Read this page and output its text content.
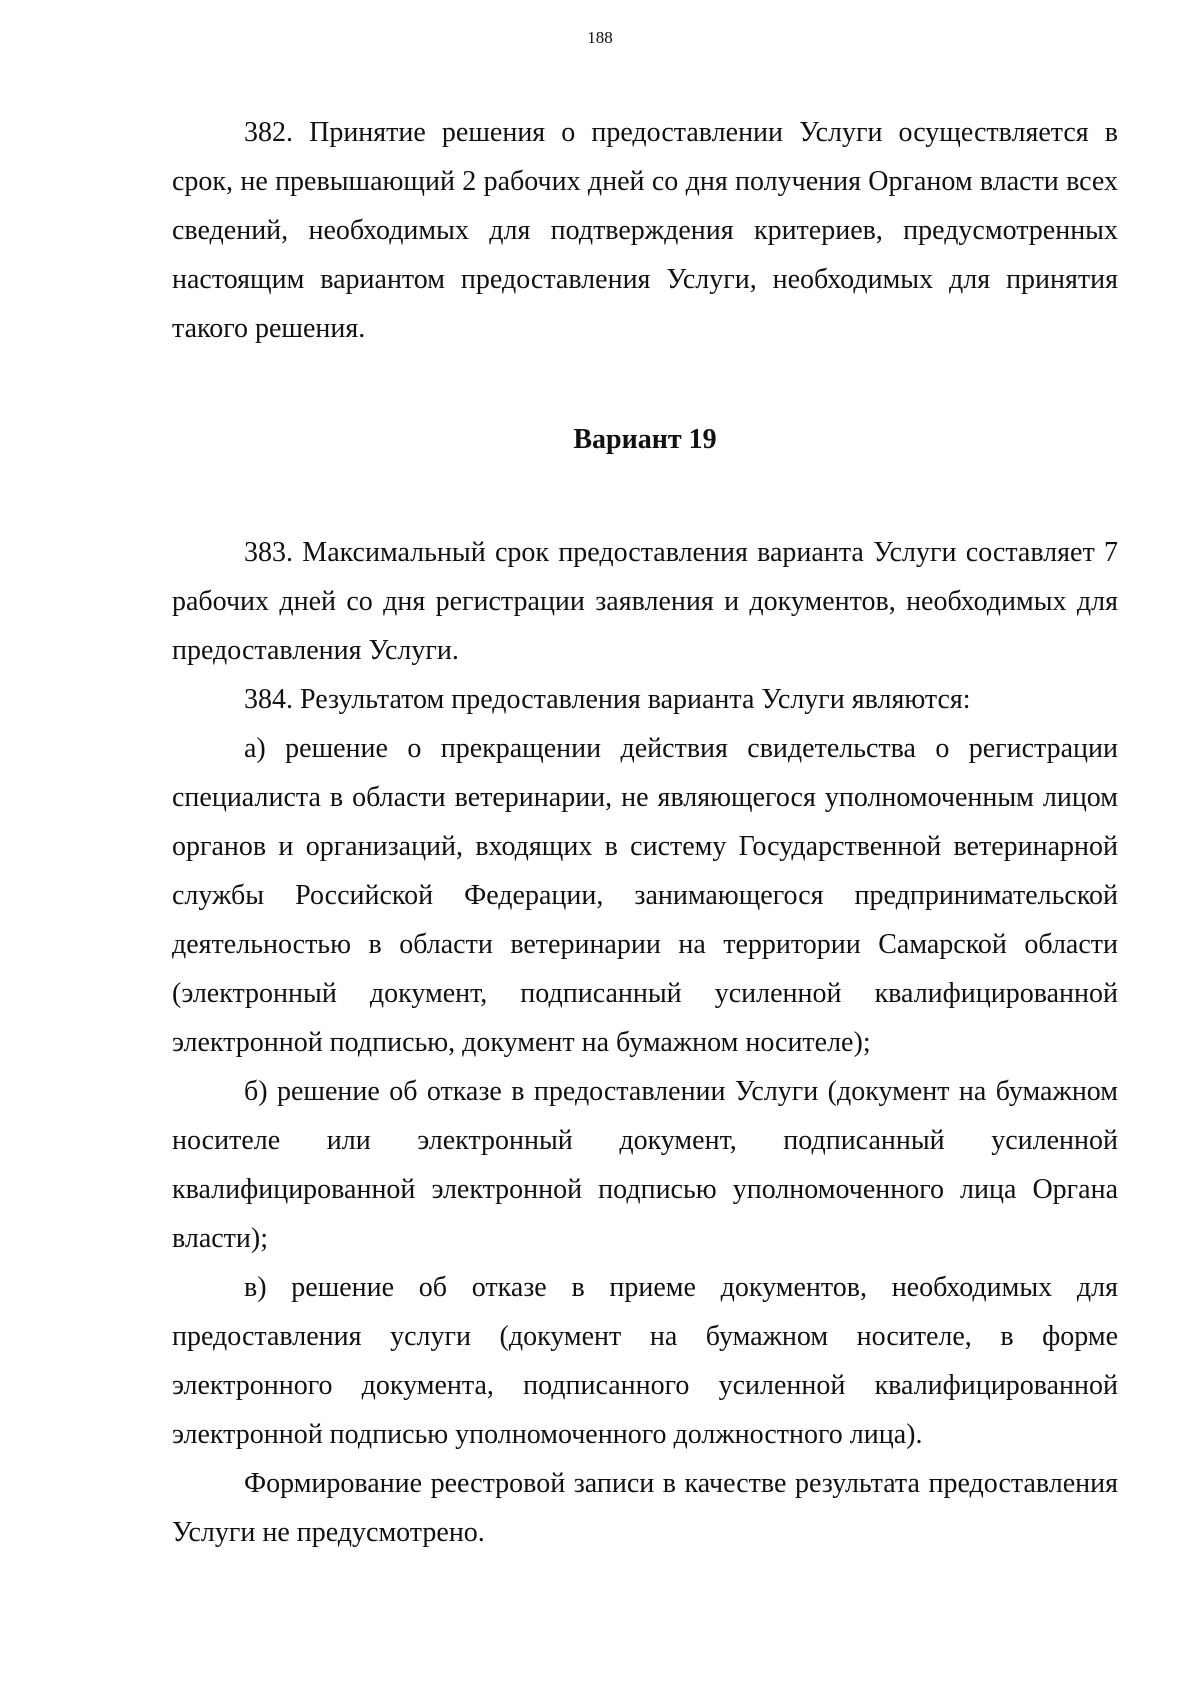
188

382. Принятие решения о предоставлении Услуги осуществляется в срок, не превышающий 2 рабочих дней со дня получения Органом власти всех сведений, необходимых для подтверждения критериев, предусмотренных настоящим вариантом предоставления Услуги, необходимых для принятия такого решения.

Вариант 19

383. Максимальный срок предоставления варианта Услуги составляет 7 рабочих дней со дня регистрации заявления и документов, необходимых для предоставления Услуги.

384. Результатом предоставления варианта Услуги являются:

а) решение о прекращении действия свидетельства о регистрации специалиста в области ветеринарии, не являющегося уполномоченным лицом органов и организаций, входящих в систему Государственной ветеринарной службы Российской Федерации, занимающегося предпринимательской деятельностью в области ветеринарии на территории Самарской области (электронный документ, подписанный усиленной квалифицированной электронной подписью, документ на бумажном носителе);

б) решение об отказе в предоставлении Услуги (документ на бумажном носителе или электронный документ, подписанный усиленной квалифицированной электронной подписью уполномоченного лица Органа власти);

в) решение об отказе в приеме документов, необходимых для предоставления услуги (документ на бумажном носителе, в форме электронного документа, подписанного усиленной квалифицированной электронной подписью уполномоченного должностного лица).

Формирование реестровой записи в качестве результата предоставления Услуги не предусмотрено.
